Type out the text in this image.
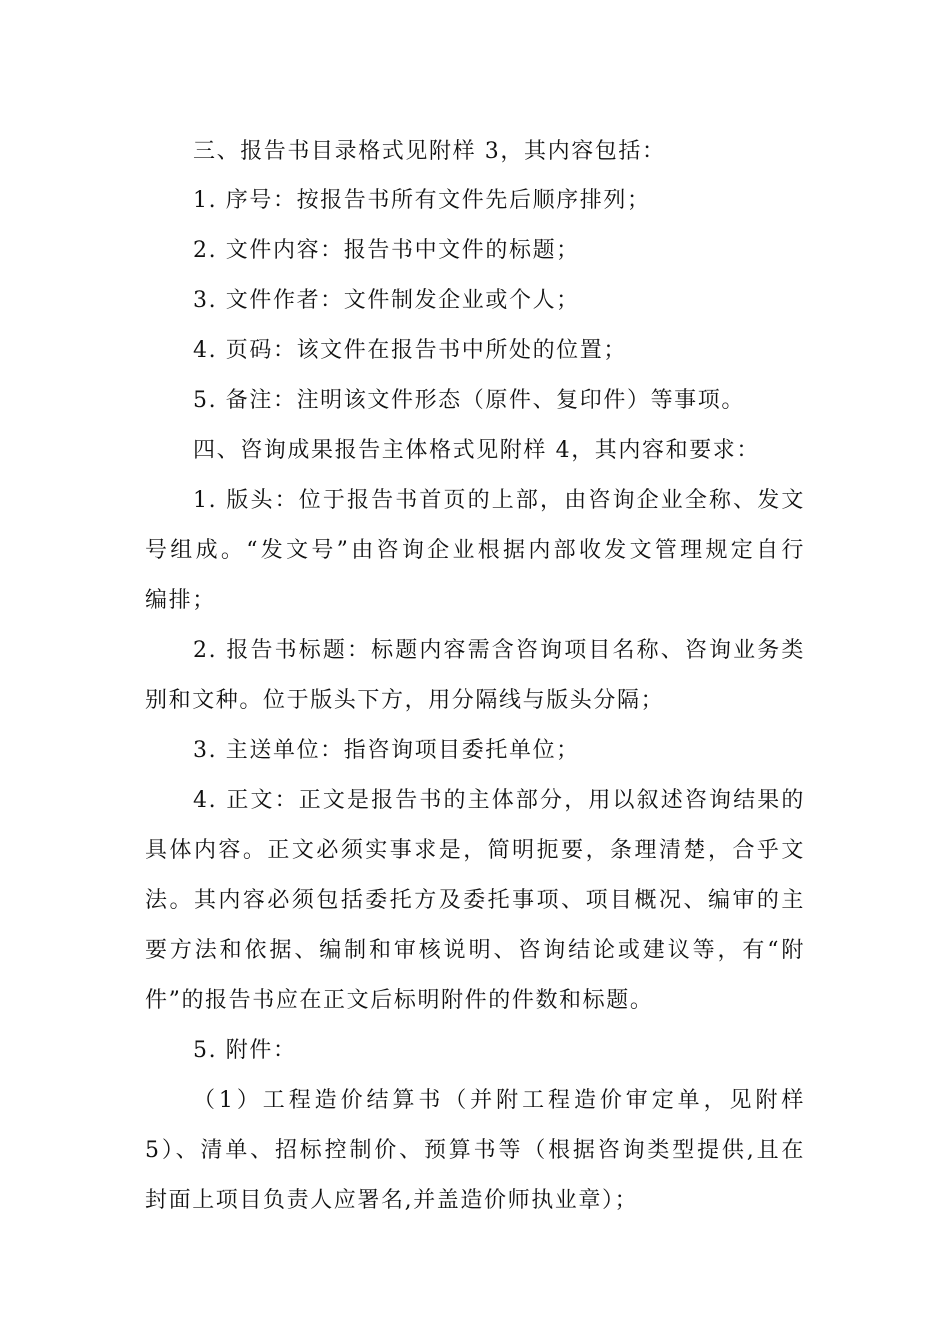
三、报告书目录格式见附样 3，其内容包括：
1. 序号：按报告书所有文件先后顺序排列；
2. 文件内容：报告书中文件的标题；
3. 文件作者：文件制发企业或个人；
4. 页码：该文件在报告书中所处的位置；
5. 备注：注明该文件形态（原件、复印件）等事项。
四、咨询成果报告主体格式见附样 4，其内容和要求：
1. 版头：位于报告书首页的上部，由咨询企业全称、发文
号组成。“发文号”由咨询企业根据内部收发文管理规定自行
编排；
2. 报告书标题：标题内容需含咨询项目名称、咨询业务类
别和文种。位于版头下方，用分隔线与版头分隔；
3. 主送单位：指咨询项目委托单位；
4. 正文：正文是报告书的主体部分，用以叙述咨询结果的
具体内容。正文必须实事求是，简明扼要，条理清楚，合乎文
法。其内容必须包括委托方及委托事项、项目概况、编审的主
要方法和依据、编制和审核说明、咨询结论或建议等，有“附
件”的报告书应在正文后标明附件的件数和标题。
5. 附件：
（1）工程造价结算书（并附工程造价审定单，见附样
5）、清单、招标控制价、预算书等（根据咨询类型提供,且在
封面上项目负责人应署名,并盖造价师执业章）；
